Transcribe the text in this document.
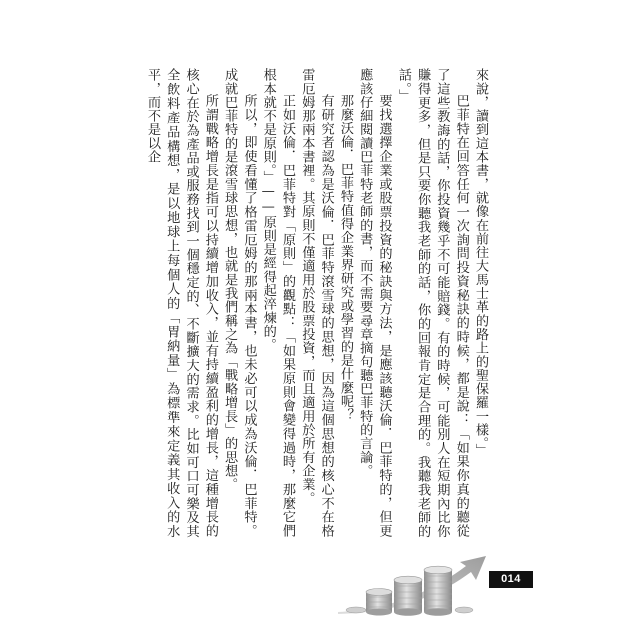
來說，讀到這本書，就像在前往大馬士革的路上的聖保羅一樣。」

巴菲特在回答任何一次詢問投資秘訣的時候，都是說：「如果你真的聽從了這些教誨的話，你投資幾乎不可能賠錢。有的時候，可能別人在短期內比你賺得更多，但是只要你聽我老師的話，你的回報肯定是合理的。我聽我老師的話。」

要找選擇企業或股票投資的秘訣與方法，是應該聽沃倫．巴菲特的，但更應該仔細閱讀巴菲特老師的書，而不需要尋章摘句聽巴菲特的言論。

那麼沃倫．巴菲特值得企業界研究或學習的是什麼呢？

有研究者認為是沃倫．巴菲特滾雪球的思想，因為這個思想的核心不在格雷厄姆那兩本書裡。其原則不僅適用於股票投資，而且適用於所有企業。

正如沃倫．巴菲特對「原則」的觀點：「如果原則會變得過時，那麼它們根本就不是原則。」——原則是經得起淬煉的。

所以，即使看懂了格雷厄姆的那兩本書，也未必可以成為沃倫．巴菲特。成就巴菲特的是滾雪球思想，也就是我們稱之為「戰略增長」的思想。

所謂戰略增長是指可以持續增加收入，並有持續盈利的增長，這種增長的核心在於為產品或服務找到一個穩定的、不斷擴大的需求。比如可口可樂及其全飲料產品構想，是以地球上每個人的「胃納量」為標準來定義其收入的水平，而不是以企

014
